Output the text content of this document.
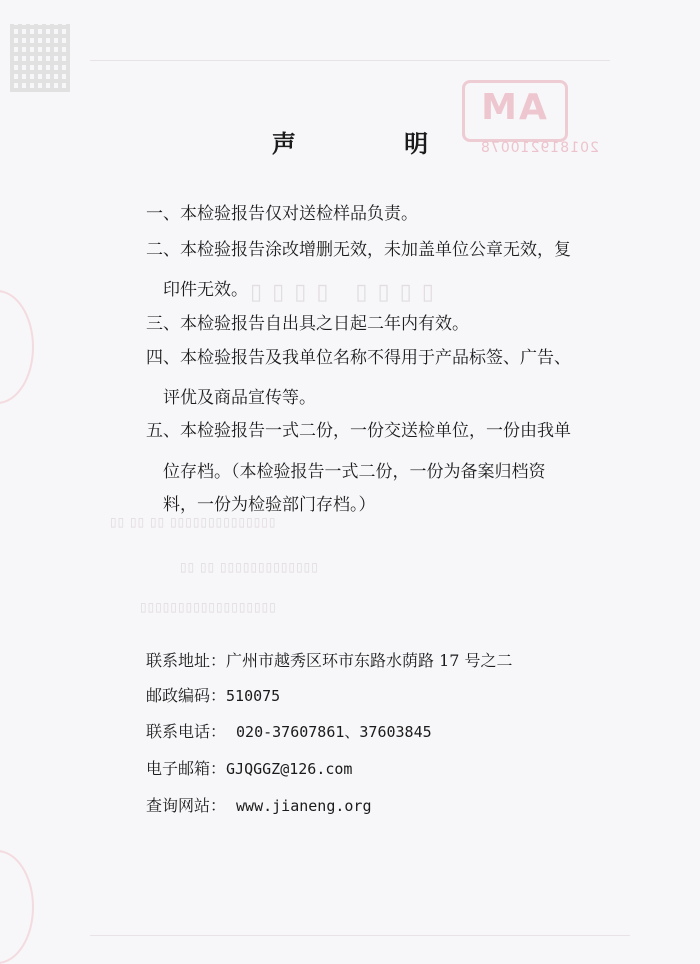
▯▯▯▯ ▯▯▯▯
▯▯ ▯▯ ▯▯ ▯▯▯▯▯▯▯▯▯▯▯▯▯▯
▯▯ ▯▯ ▯▯▯▯▯▯▯▯▯▯▯▯▯
▯▯▯▯▯▯▯▯▯▯▯▯▯▯▯▯▯▯
MA
201819210078
声 明
一、本检验报告仅对送检样品负责。
二、本检验报告涂改增删无效，未加盖单位公章无效，复
印件无效。
三、本检验报告自出具之日起二年内有效。
四、本检验报告及我单位名称不得用于产品标签、广告、
评优及商品宣传等。
五、本检验报告一式二份，一份交送检单位，一份由我单
位存档。（本检验报告一式二份，一份为备案归档资
料，一份为检验部门存档。）
联系地址：广州市越秀区环市东路水荫路 17 号之二
邮政编码：510075
联系电话： 020-37607861、37603845
电子邮箱：GJQGGZ@126.com
查询网站： www.jianeng.org
